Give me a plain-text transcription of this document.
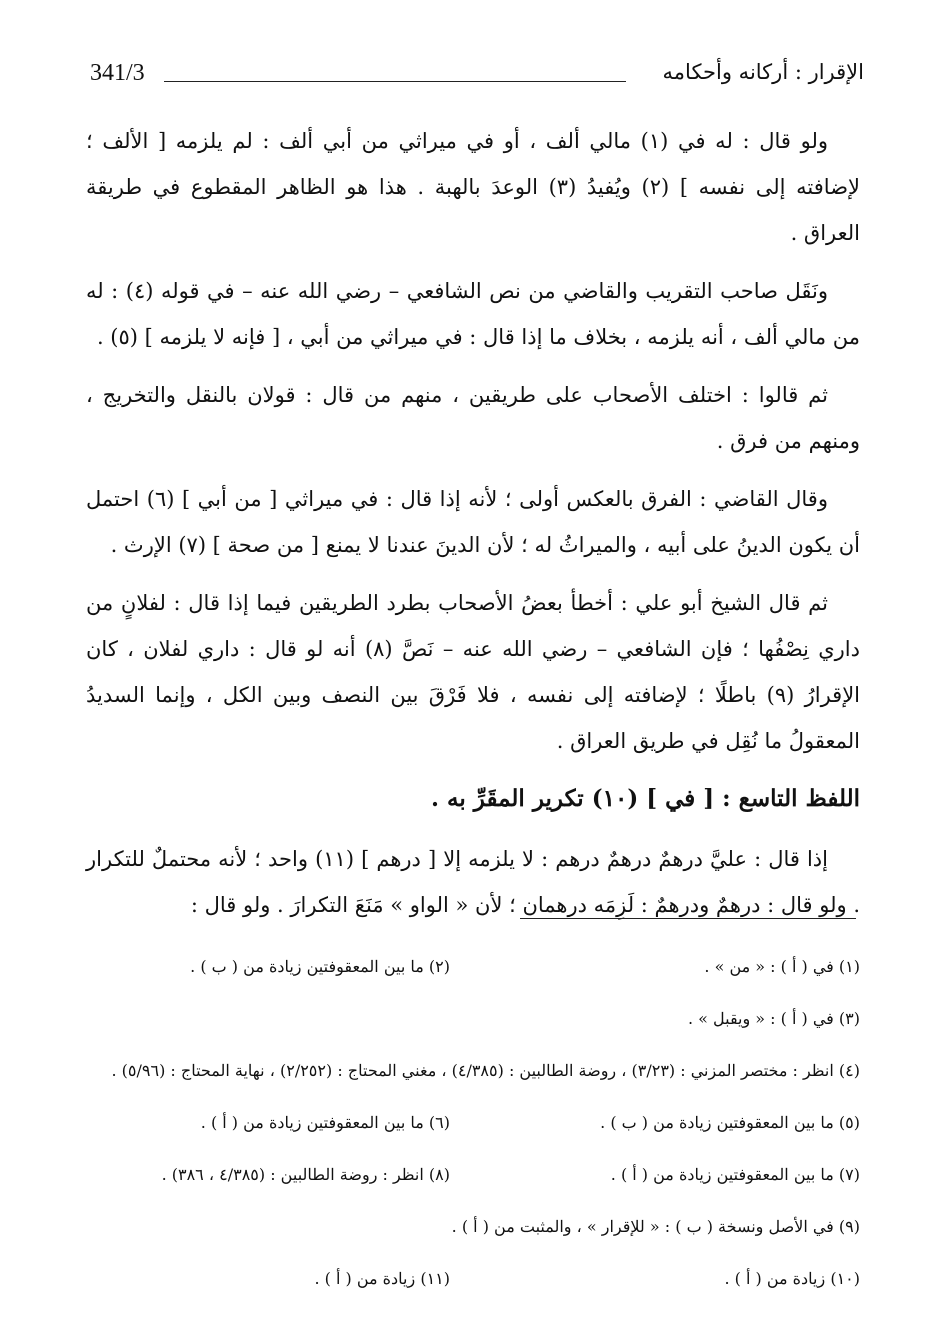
341/3	الإقرار : أركانه وأحكامه

ولو قال : له في (١) مالي ألف ، أو في ميراثي من أبي ألف : لم يلزمه [ الألف ؛ لإضافته إلى نفسه ] (٢) ويُفيدُ (٣) الوعدَ بالهبة . هذا هو الظاهر المقطوع في طريقة العراق .

ونَقَل صاحب التقريب والقاضي من نص الشافعي – رضي الله عنه – في قوله (٤) : له من مالي ألف ، أنه يلزمه ، بخلاف ما إذا قال : في ميراثي من أبي ، [ فإنه لا يلزمه ] (٥) .

ثم قالوا : اختلف الأصحاب على طريقين ، منهم من قال : قولان بالنقل والتخريج ، ومنهم من فرق .

وقال القاضي : الفرق بالعكس أولى ؛ لأنه إذا قال : في ميراثي [ من أبي ] (٦) احتمل أن يكون الدينُ على أبيه ، والميراثُ له ؛ لأن الدينَ عندنا لا يمنع [ من صحة ] (٧) الإرث .

ثم قال الشيخ أبو علي : أخطأ بعضُ الأصحاب بطرد الطريقين فيما إذا قال : لفلانٍ من داري نِصْفُها ؛ فإن الشافعي – رضي الله عنه – نَصَّ (٨) أنه لو قال : داري لفلان ، كان الإقرارُ (٩) باطلًا ؛ لإضافته إلى نفسه ، فلا فَرْقَ بين النصف وبين الكل ، وإنما السديدُ المعقولُ ما نُقِل في طريق العراق .

اللفظ التاسع : [ في ] (١٠) تكرير المقَرِّ به .

إذا قال : عليَّ درهمٌ درهمٌ درهم : لا يلزمه إلا [ درهم ] (١١) واحد ؛ لأنه محتملٌ للتكرار . ولو قال : درهمٌ ودرهمٌ : لَزِمَه درهمان ؛ لأن « الواو » مَنَعَ التكرارَ . ولو قال :

(١) في ( أ ) : « من » .
(٢) ما بين المعقوفتين زيادة من ( ب ) .
(٣) في ( أ ) : « ويقبل » .
(٤) انظر : مختصر المزني : (٣/٢٣) ، روضة الطالبين : (٤/٣٨٥) ، مغني المحتاج : (٢/٢٥٢) ، نهاية المحتاج : (٥/٩٦) .
(٥) ما بين المعقوفتين زيادة من ( ب ) .
(٦) ما بين المعقوفتين زيادة من ( أ ) .
(٧) ما بين المعقوفتين زيادة من ( أ ) .
(٨) انظر : روضة الطالبين : (٤/٣٨٥ ، ٣٨٦) .
(٩) في الأصل ونسخة ( ب ) : « للإقرار » ، والمثبت من ( أ ) .
(١٠) زيادة من ( أ ) .
(١١) زيادة من ( أ ) .
